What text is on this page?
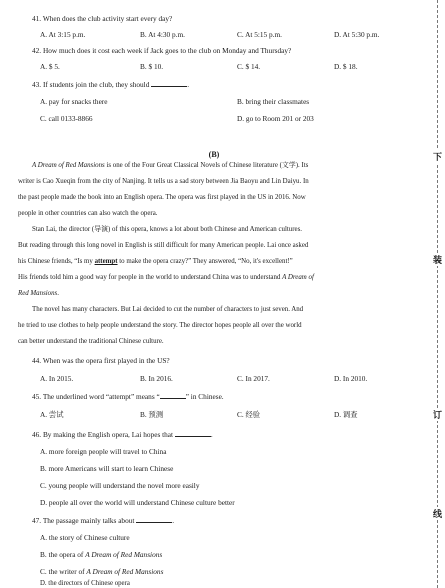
41. When does the club activity start every day?
A. At 3:15 p.m.	B. At 4:30 p.m.	C. At 5:15 p.m.	D. At 5:30 p.m.
42. How much does it cost each week if Jack goes to the club on Monday and Thursday?
A. $ 5.	B. $ 10.	C. $ 14.	D. $ 18.
43. If students join the club, they should	.
A. pay for snacks there	B. bring their classmates
C. call 0133-8866	D. go to Room 201 or 203
(B)
A Dream of Red Mansions is one of the Four Great Classical Novels of Chinese literature (文学). Its
writer is Cao Xueqin from the city of Nanjing. It tells us a sad story between Jia Baoyu and Lin Daiyu. In
the past people made the book into an English opera. The opera was first played in the US in 2016. Now
people in other countries can also watch the opera.
Stan Lai, the director (导演) of this opera, knows a lot about both Chinese and American cultures.
But reading through this long novel in English is still difficult for many American people. Lai once asked
his Chinese friends, “Is my attempt to make the opera crazy?” They answered, “No, it's excellent!”
His friends told him a good way for people in the world to understand China was to understand A Dream of
Red Mansions.
The novel has many characters. But Lai decided to cut the number of characters to just seven. And
he tried to use clothes to help people understand the story. The director hopes people all over the world
can better understand the traditional Chinese culture.
44. When was the opera first played in the US?
A. In 2015.	B. In 2016.	C. In 2017.	D. In 2010.
45. The underlined word “attempt” means “	” in Chinese.
A. 尝试	B. 预测	C. 经验	D. 调查
46. By making the English opera, Lai hopes that	.
A. more foreign people will travel to China
B. more Americans will start to learn Chinese
C. young people will understand the novel more easily
D. people all over the world will understand Chinese culture better
47. The passage mainly talks about	.
A. the story of Chinese culture
B. the opera of A Dream of Red Mansions
C. the writer of A Dream of Red Mansions
D. the directors of Chinese opera
下
装
订
线
